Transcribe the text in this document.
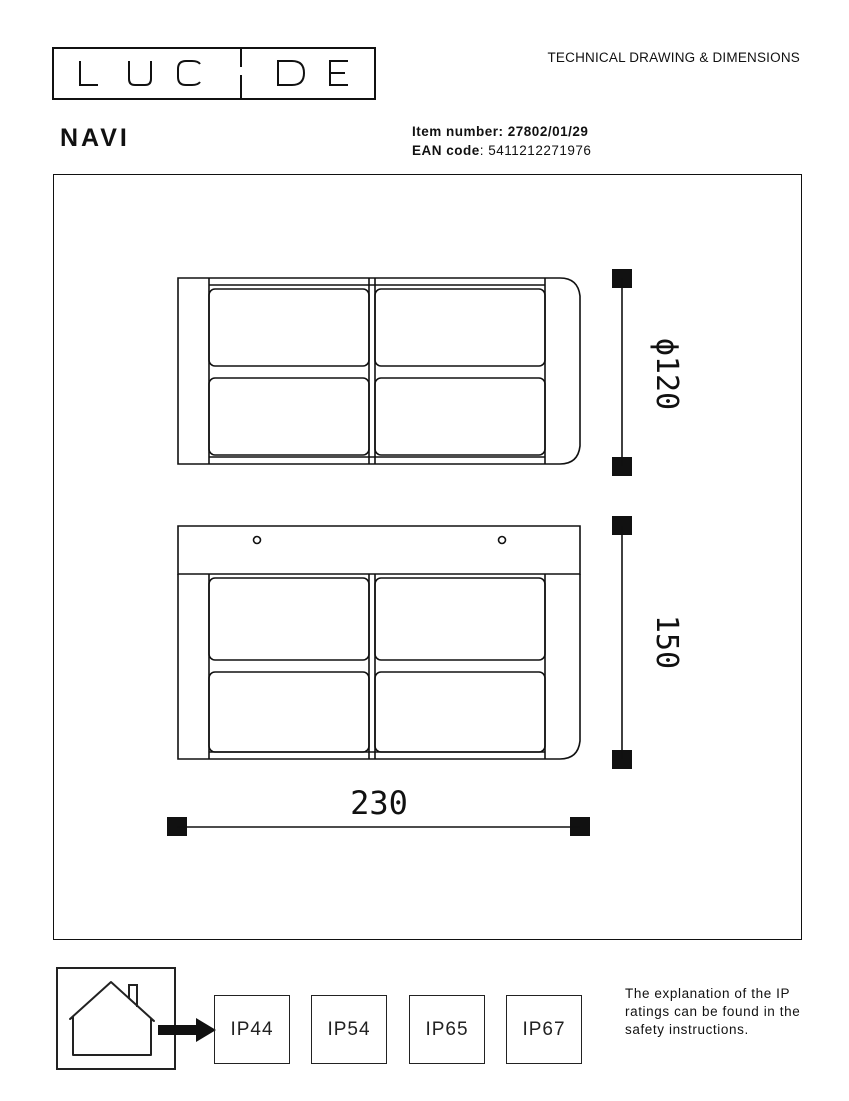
TECHNICAL DRAWING & DIMENSIONS
NAVI	Item number: 27802/01/29
EAN code: 5411212271976
ϕ120
150
230
IP44	IP54	IP65	IP67
The explanation of the IP ratings can be found in the safety instructions.
